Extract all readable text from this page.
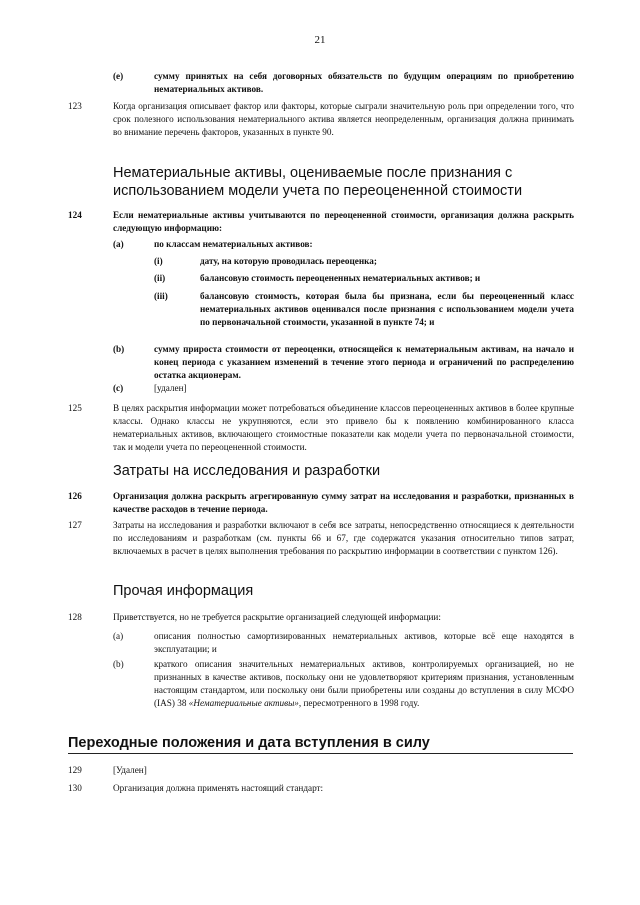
21
(e)	сумму принятых на себя договорных обязательств по будущим операциям по приобретению нематериальных активов.
123	Когда организация описывает фактор или факторы, которые сыграли значительную роль при определении того, что срок полезного использования нематериального актива является неопределенным, организация должна принимать во внимание перечень факторов, указанных в пункте 90.
Нематериальные активы, оцениваемые после признания с использованием модели учета по переоцененной стоимости
124	Если нематериальные активы учитываются по переоцененной стоимости, организация должна раскрыть следующую информацию:
(a)	по классам нематериальных активов:
(i)	дату, на которую проводилась переоценка;
(ii)	балансовую стоимость переоцененных нематериальных активов; и
(iii)	балансовую стоимость, которая была бы признана, если бы переоцененный класс нематериальных активов оценивался после признания с использованием модели учета по первоначальной стоимости, указанной в пункте 74; и
(b)	сумму прироста стоимости от переоценки, относящейся к нематериальным активам, на начало и конец периода с указанием изменений в течение этого периода и ограничений по распределению остатка акционерам.
(c)	[удален]
125	В целях раскрытия информации может потребоваться объединение классов переоцененных активов в более крупные классы. Однако классы не укрупняются, если это привело бы к появлению комбинированного класса нематериальных активов, включающего стоимостные показатели как модели учета по первоначальной стоимости, так и модели учета по переоцененной стоимости.
Затраты на исследования и разработки
126	Организация должна раскрыть агрегированную сумму затрат на исследования и разработки, признанных в качестве расходов в течение периода.
127	Затраты на исследования и разработки включают в себя все затраты, непосредственно относящиеся к деятельности по исследованиям и разработкам (см. пункты 66 и 67, где содержатся указания относительно типов затрат, включаемых в расчет в целях выполнения требования по раскрытию информации в соответствии с пунктом 126).
Прочая информация
128	Приветствуется, но не требуется раскрытие организацией следующей информации:
(a)	описания полностью самортизированных нематериальных активов, которые всё еще находятся в эксплуатации; и
(b)	краткого описания значительных нематериальных активов, контролируемых организацией, но не признанных в качестве активов, поскольку они не удовлетворяют критериям признания, установленным настоящим стандартом, или поскольку они были приобретены или созданы до вступления в силу МСФО (IAS) 38 «Нематериальные активы», пересмотренного в 1998 году.
Переходные положения и дата вступления в силу
129	[Удален]
130	Организация должна применять настоящий стандарт:
